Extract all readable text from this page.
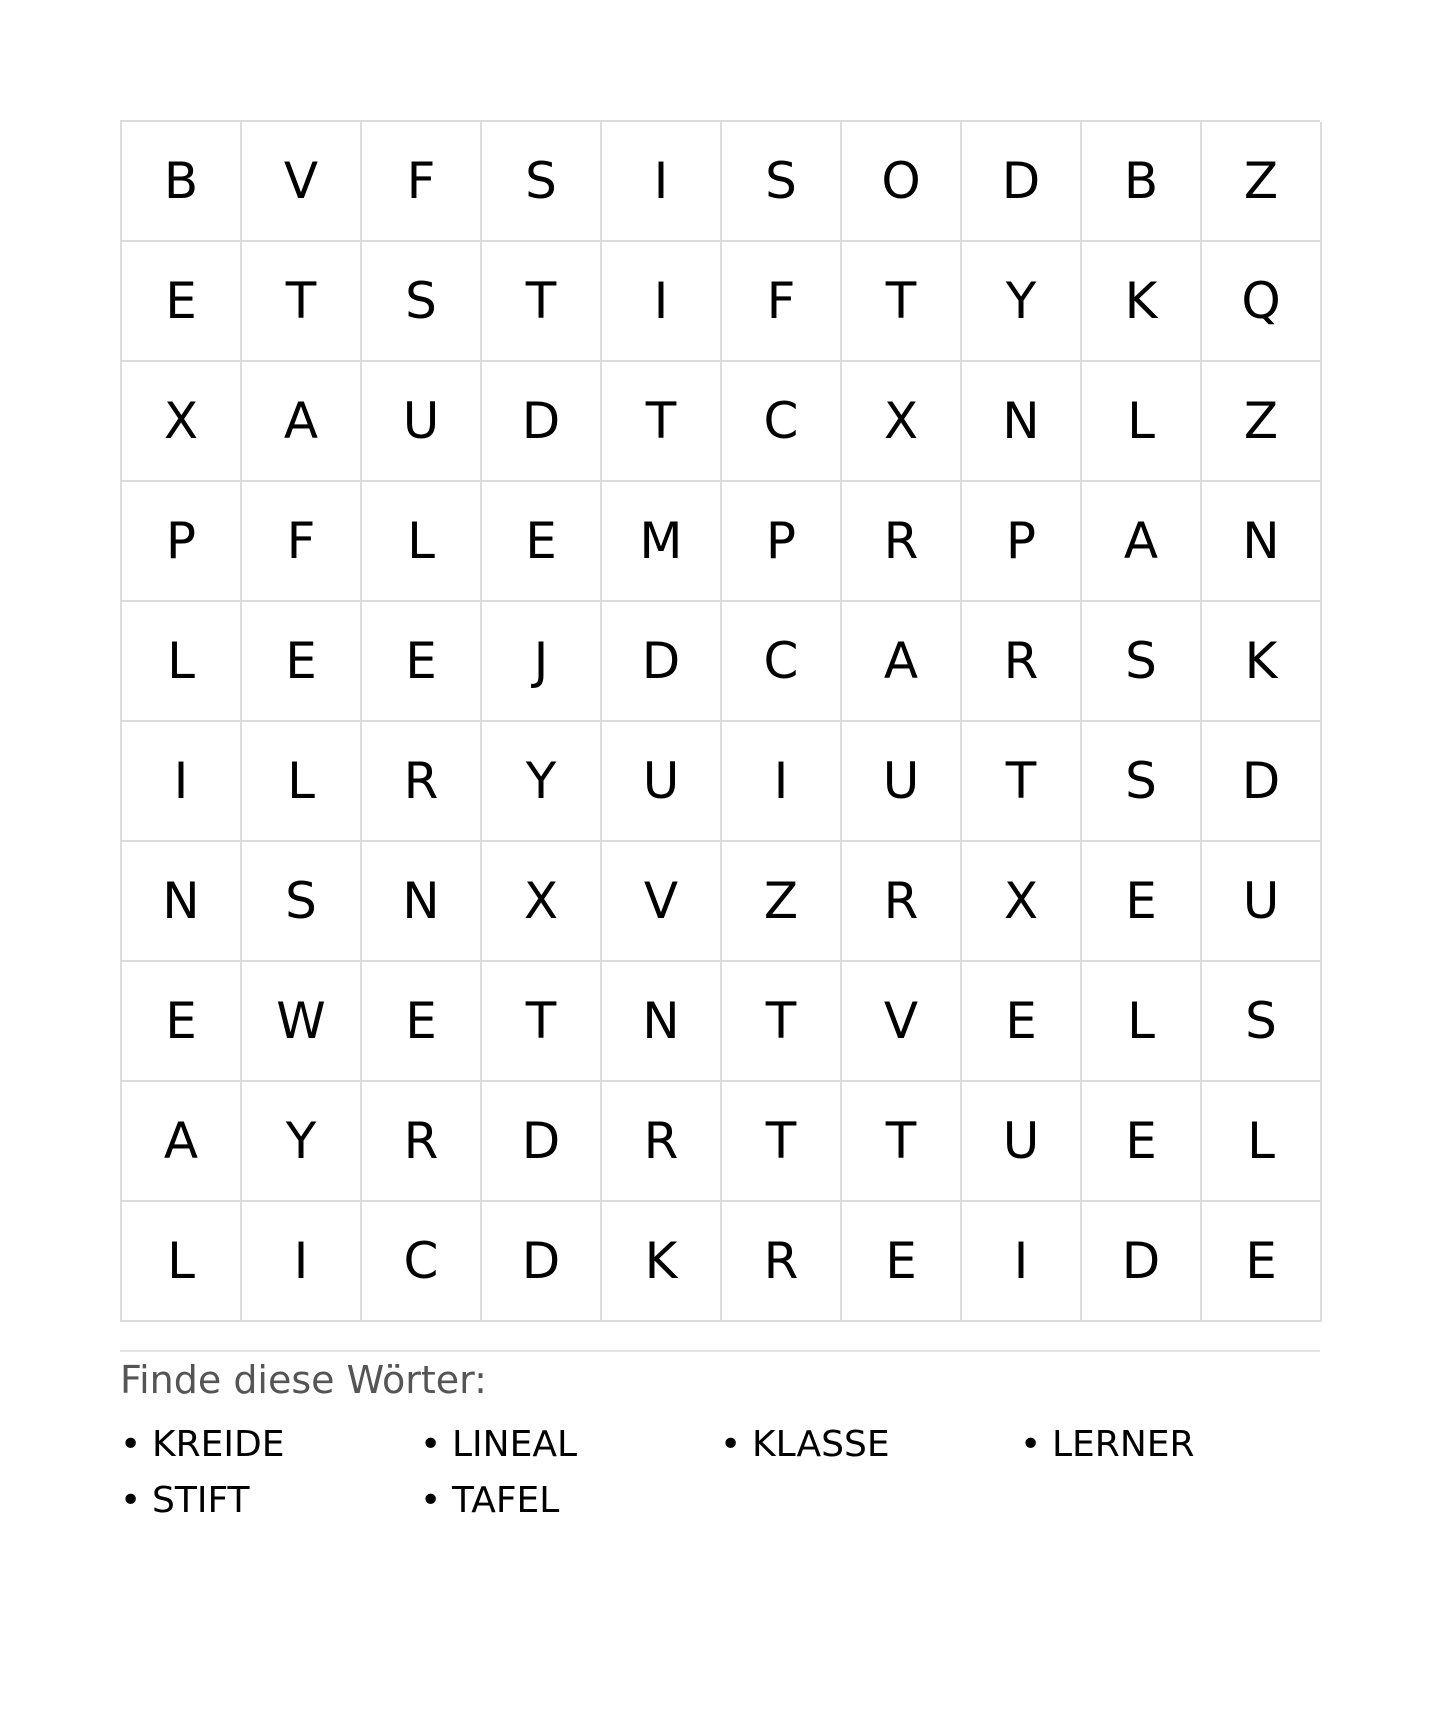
B	V	F	S	I	S	O	D	B	Z
E	T	S	T	I	F	T	Y	K	Q
X	A	U	D	T	C	X	N	L	Z
P	F	L	E	M	P	R	P	A	N
L	E	E	J	D	C	A	R	S	K
I	L	R	Y	U	I	U	T	S	D
N	S	N	X	V	Z	R	X	E	U
E	W	E	T	N	T	V	E	L	S
A	Y	R	D	R	T	T	U	E	L
L	I	C	D	K	R	E	I	D	E
Finde diese Wörter:
• KREIDE	• LINEAL	• KLASSE	• LERNER
• STIFT	• TAFEL
